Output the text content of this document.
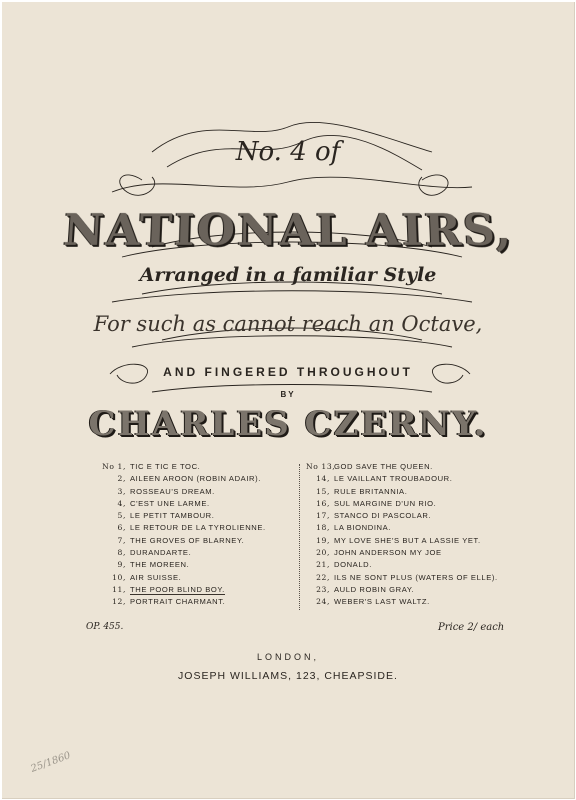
No. 4 of
NATIONAL AIRS,
Arranged in a familiar Style
For such as cannot reach an Octave,
AND FINGERED THROUGHOUT
BY
CHARLES CZERNY.
No 1, TIC E TIC E TOC.
2, AILEEN AROON (ROBIN ADAIR).
3, ROSSEAU'S DREAM.
4, C'EST UNE LARME.
5, LE PETIT TAMBOUR.
6, LE RETOUR DE LA TYROLIENNE.
7, THE GROVES OF BLARNEY.
8, DURANDARTE.
9, THE MOREEN.
10, AIR SUISSE.
11, THE POOR BLIND BOY.
12, PORTRAIT CHARMANT.
No 13,GOD SAVE THE QUEEN.
14, LE VAILLANT TROUBADOUR.
15, RULE BRITANNIA.
16, SUL MARGINE D'UN RIO.
17, STANCO DI PASCOLAR.
18, LA BIONDINA.
19, MY LOVE SHE'S BUT A LASSIE YET.
20, JOHN ANDERSON MY JOE
21, DONALD.
22, ILS NE SONT PLUS (WATERS OF ELLE).
23, AULD ROBIN GRAY.
24, WEBER'S LAST WALTZ.
OP. 455.	Price 2/ each
LONDON,
JOSEPH WILLIAMS, 123, CHEAPSIDE.
25/1860
